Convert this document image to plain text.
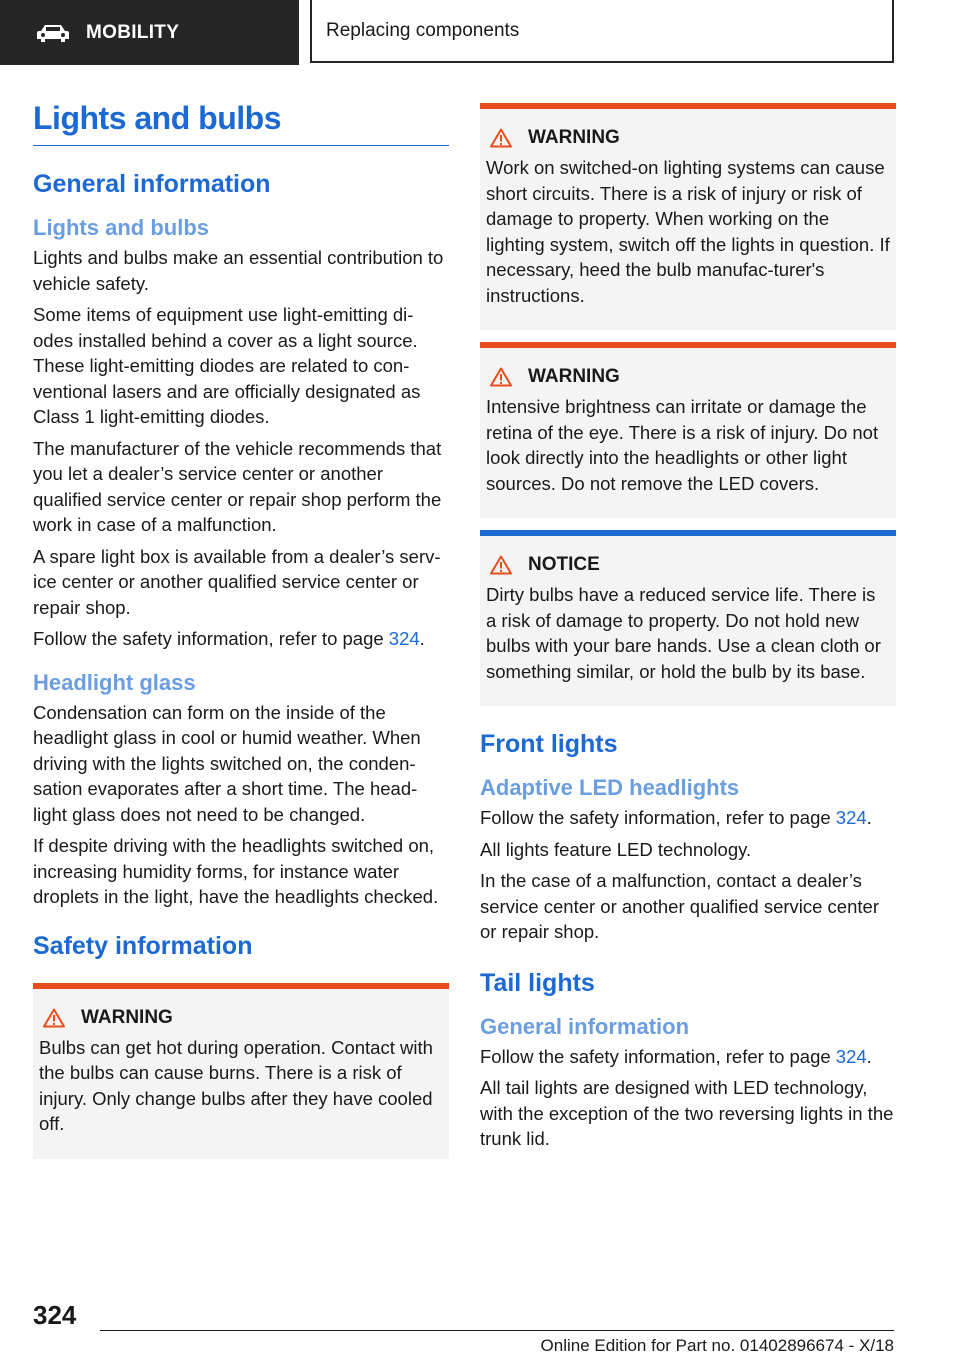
MOBILITY	Replacing components
Lights and bulbs
General information
Lights and bulbs

Lights and bulbs make an essential contribution to vehicle safety.

Some items of equipment use light-emitting di‐odes installed behind a cover as a light source. These light-emitting diodes are related to con‐ventional lasers and are officially designated as Class 1 light-emitting diodes.

The manufacturer of the vehicle recommends that you let a dealer’s service center or another qualified service center or repair shop perform the work in case of a malfunction.

A spare light box is available from a dealer’s serv‐ice center or another qualified service center or repair shop.

Follow the safety information, refer to page 324.

Headlight glass

Condensation can form on the inside of the headlight glass in cool or humid weather. When driving with the lights switched on, the conden‐sation evaporates after a short time. The head‐light glass does not need to be changed.

If despite driving with the headlights switched on, increasing humidity forms, for instance water droplets in the light, have the headlights checked.

Safety information
WARNING

Bulbs can get hot during operation. Contact with the bulbs can cause burns. There is a risk of injury. Only change bulbs after they have cooled off.

WARNING

Work on switched-on lighting systems can cause short circuits. There is a risk of injury or risk of damage to property. When working on the lighting system, switch off the lights in question. If necessary, heed the bulb manufac‐turer's instructions.

WARNING

Intensive brightness can irritate or damage the retina of the eye. There is a risk of injury. Do not look directly into the headlights or other light sources. Do not remove the LED covers.

NOTICE

Dirty bulbs have a reduced service life. There is a risk of damage to property. Do not hold new bulbs with your bare hands. Use a clean cloth or something similar, or hold the bulb by its base.

Front lights
Adaptive LED headlights

Follow the safety information, refer to page 324.

All lights feature LED technology.

In the case of a malfunction, contact a dealer’s service center or another qualified service center or repair shop.

Tail lights
General information

Follow the safety information, refer to page 324.

All tail lights are designed with LED technology, with the exception of the two reversing lights in the trunk lid.

324
Online Edition for Part no. 01402896674 - X/18
